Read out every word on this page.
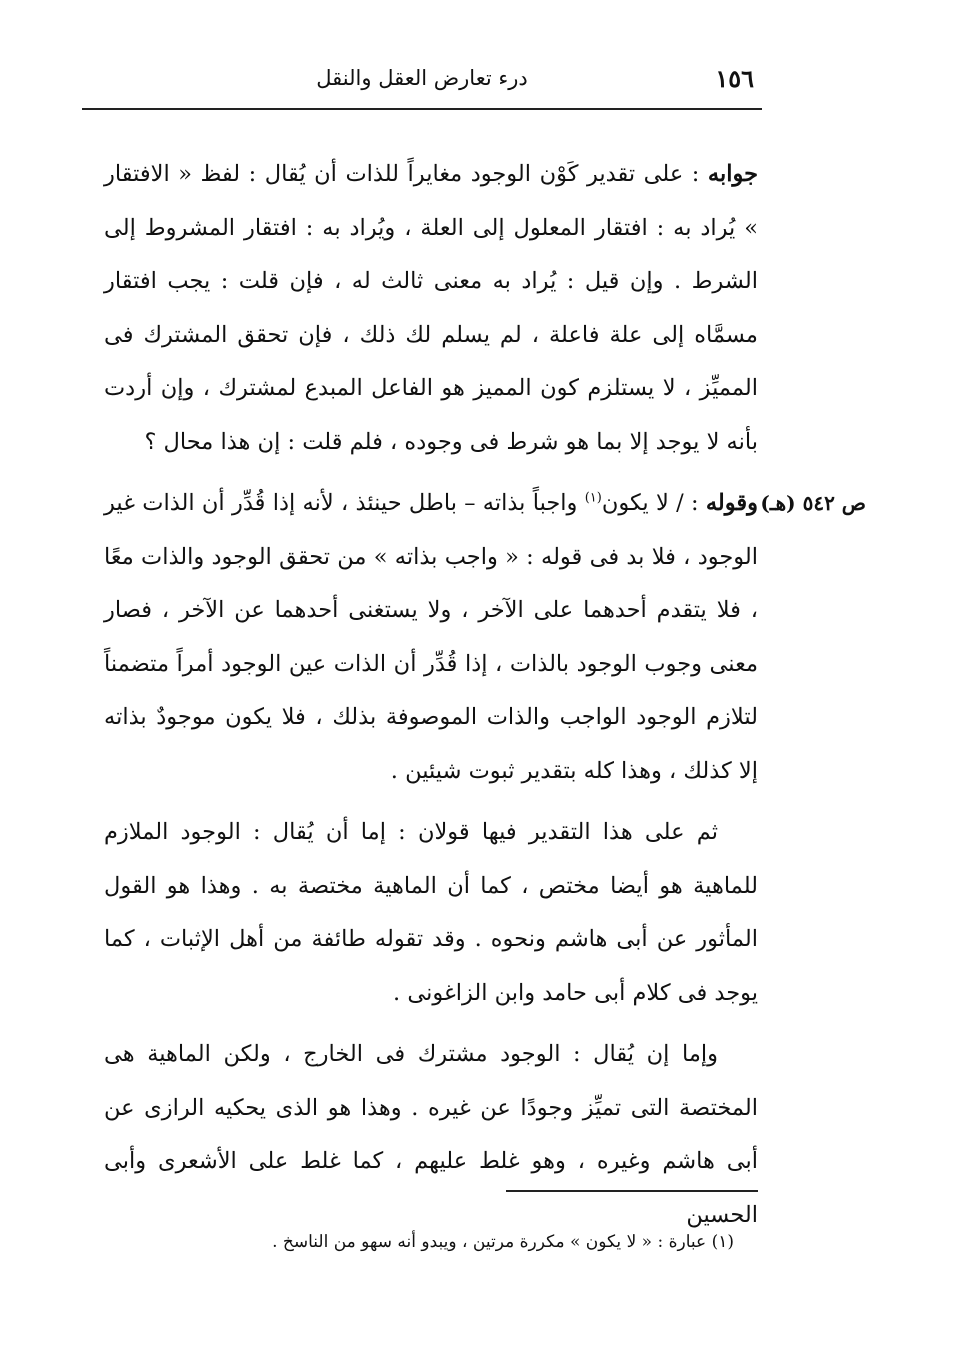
١٥٦
درء تعارض العقل والنقل

جوابه : على تقدير كَوْن الوجود مغايراً للذات أن يُقال : لفظ « الافتقار » يُراد به : افتقار المعلول إلى العلة ، ويُراد به : افتقار المشروط إلى الشرط . وإن قيل : يُراد به معنى ثالث له ، فإن قلت : يجب افتقار مسمَّاه إلى علة فاعلة ، لم يسلم لك ذلك ، فإن تحقق المشترك فى المميِّز ، لا يستلزم كون المميز هو الفاعل المبدع لمشترك ، وإن أردت بأنه لا يوجد إلا بما هو شرط فى وجوده ، فلم قلت : إن هذا محال ؟

ص ٥٤٢ (هـ)
وقوله : / لا يكون$^{(١)}$ واجباً بذاته – باطل حينئذ ، لأنه إذا قُدِّر أن الذات غير الوجود ، فلا بد فى قوله : « واجب بذاته » من تحقق الوجود والذات معًا ، فلا يتقدم أحدهما على الآخر ، ولا يستغنى أحدهما عن الآخر ، فصار معنى وجوب الوجود بالذات ، إذا قُدِّر أن الذات عين الوجود أمراً متضمناً لتلازم الوجود الواجب والذات الموصوفة بذلك ، فلا يكون موجودٌ بذاته إلا كذلك ، وهذا كله بتقدير ثبوت شيئين .

ثم على هذا التقدير فيها قولان : إما أن يُقال : الوجود الملازم للماهية هو أيضا مختص ، كما أن الماهية مختصة به . وهذا هو القول المأثور عن أبى هاشم ونحوه . وقد تقوله طائفة من أهل الإثبات ، كما يوجد فى كلام أبى حامد وابن الزاغونى .

وإما إن يُقال : الوجود مشترك فى الخارج ، ولكن الماهية هى المختصة التى تميِّز وجودًا عن غيره . وهذا هو الذى يحكيه الرازى عن أبى هاشم وغيره ، وهو غلط عليهم ، كما غلط على الأشعرى وأبى الحسين

(١) عبارة : « لا يكون » مكررة مرتين ، ويبدو أنه سهو من الناسخ .
